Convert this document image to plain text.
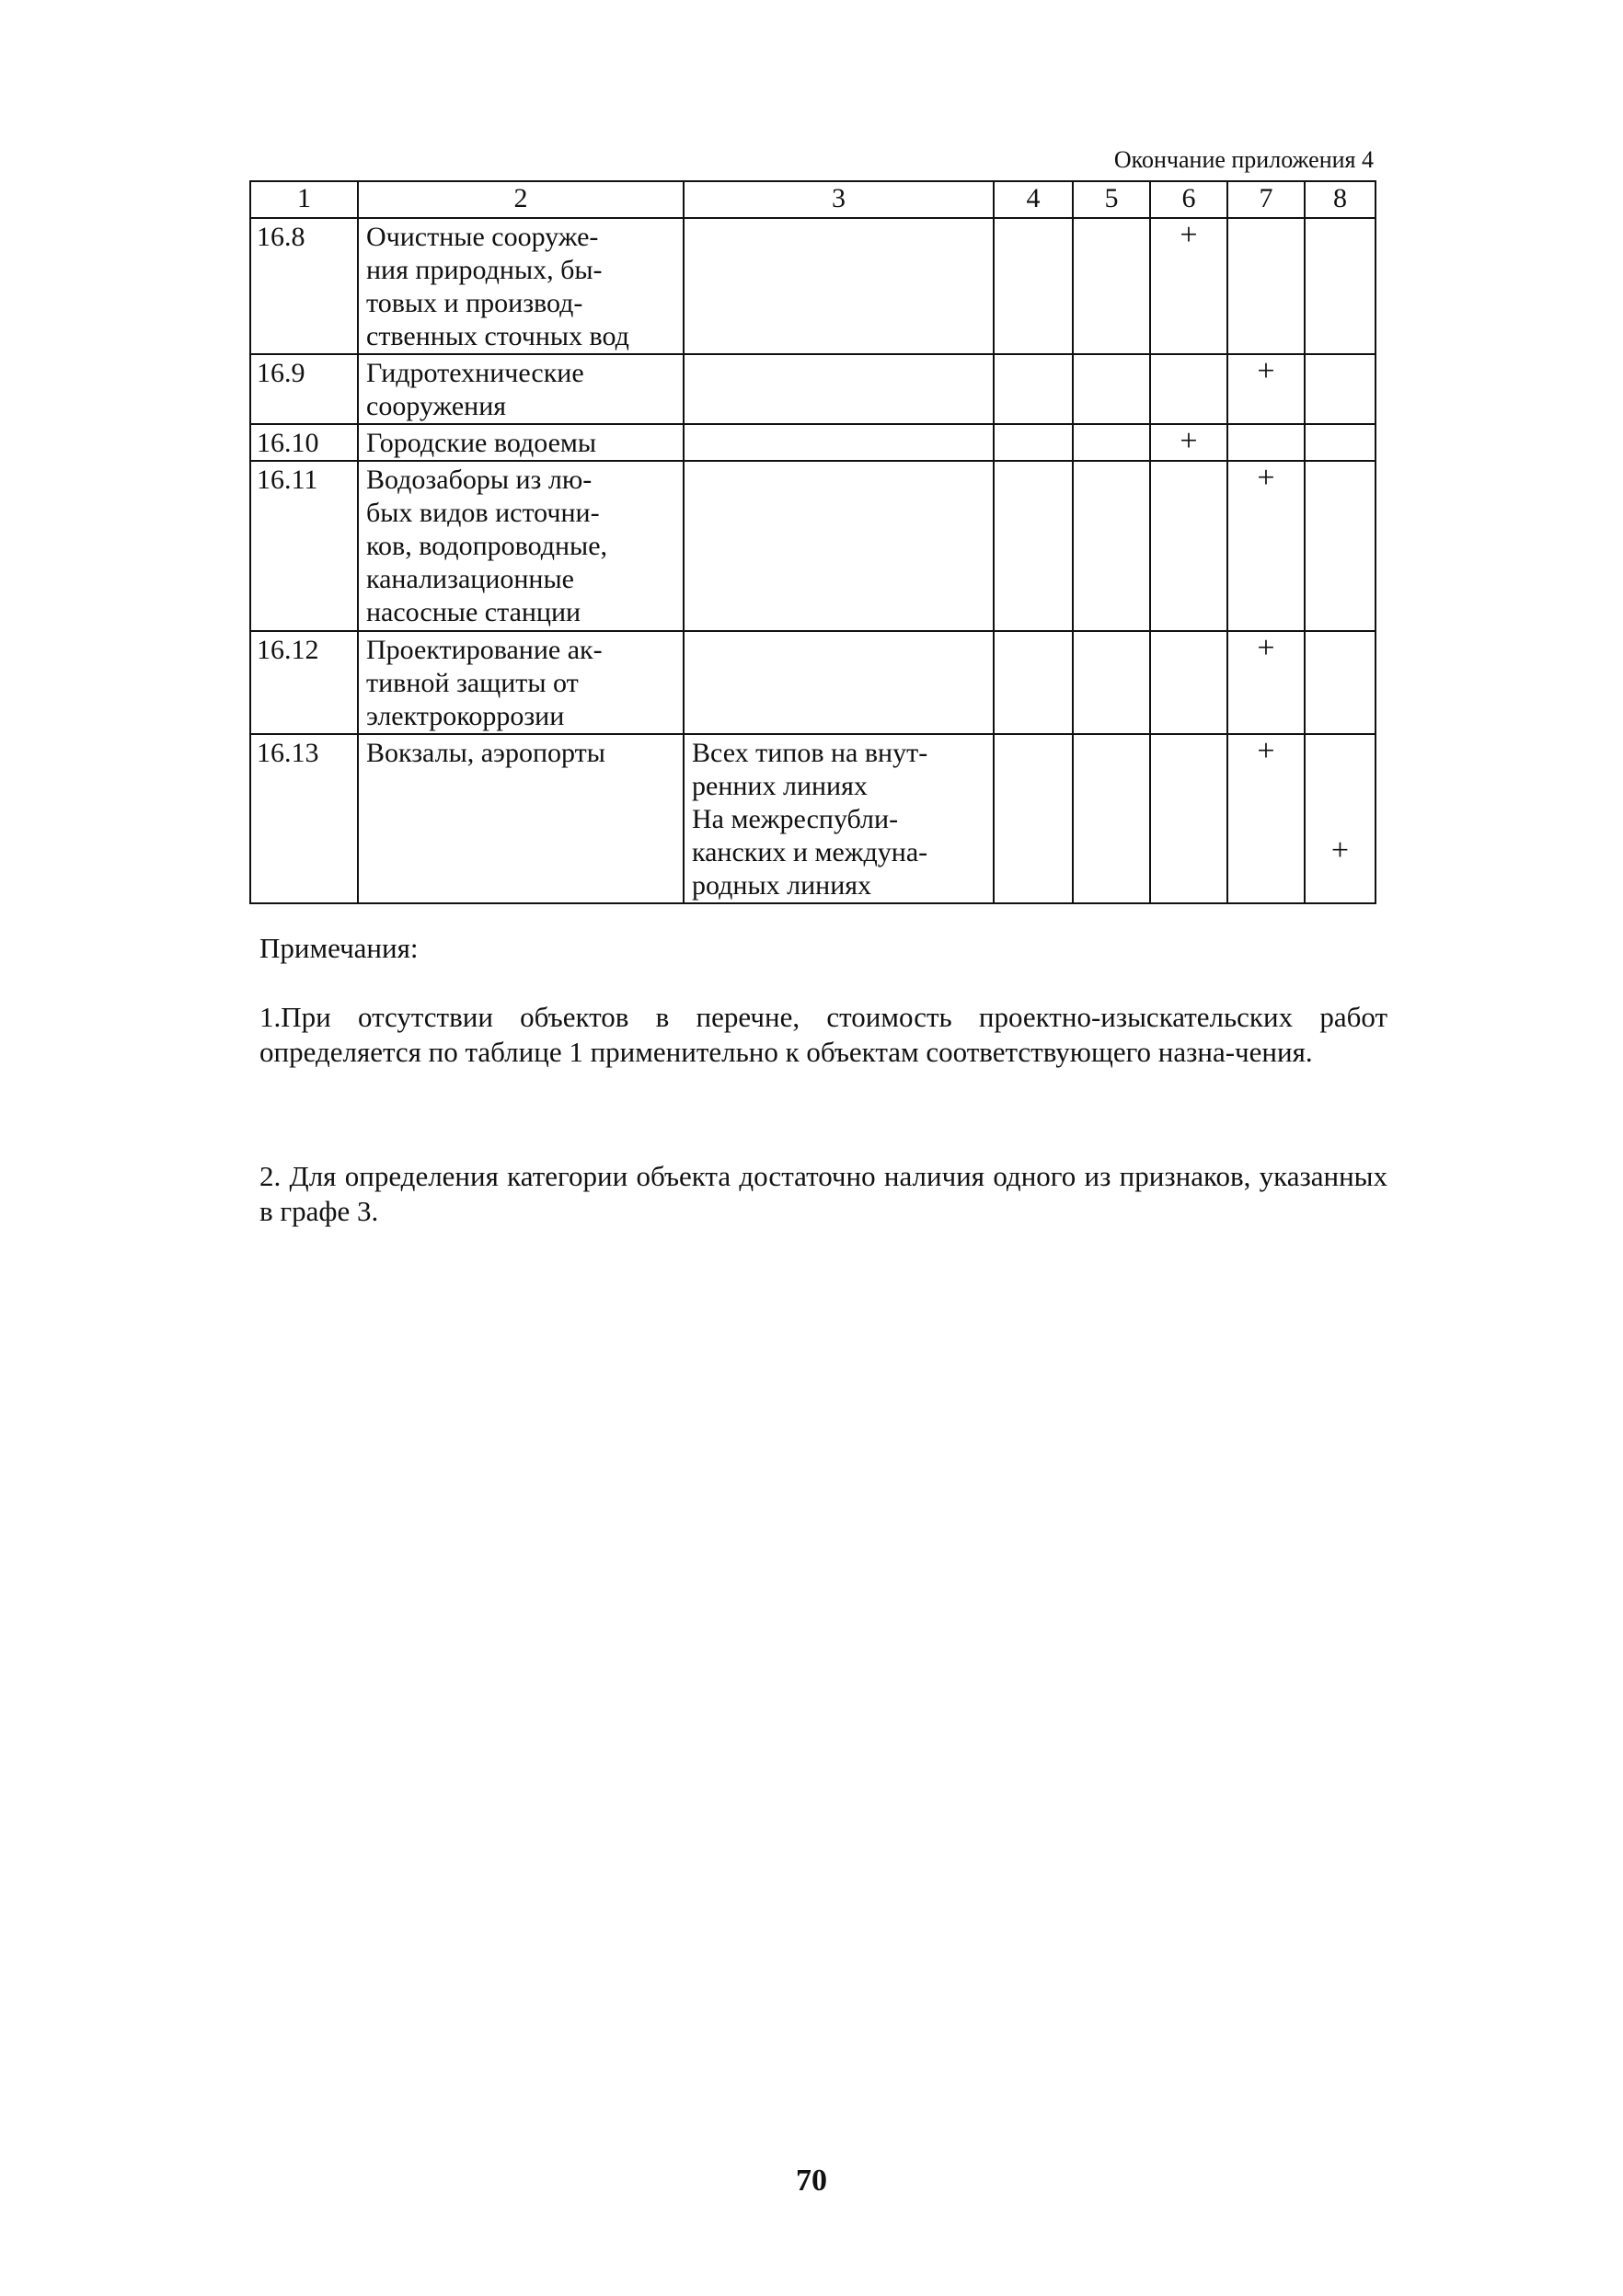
Окончание приложения 4
1	2	3	4	5	6	7	8
16.8	Очистные сооруже-
ния природных, бы-
товых и производ-
ственных сточных вод				+		
16.9	Гидротехнические
сооружения					+	
16.10	Городские водоемы				+		
16.11	Водозаборы из лю-
бых видов источни-
ков, водопроводные,
канализационные
насосные станции					+	
16.12	Проектирование ак-
тивной защиты от
электрокоррозии					+	
16.13	Вокзалы, аэропорты	Всех типов на внут-
ренних линиях
На межреспубли-
канских и междуна-
родных линиях				+	+
Примечания:
1.При отсутствии объектов в перечне, стоимость проектно-изыскательских работ определяется по таблице 1 применительно к объектам соответствующего назна-чения.
2. Для определения категории объекта достаточно наличия одного из признаков, указанных в графе 3.
70
